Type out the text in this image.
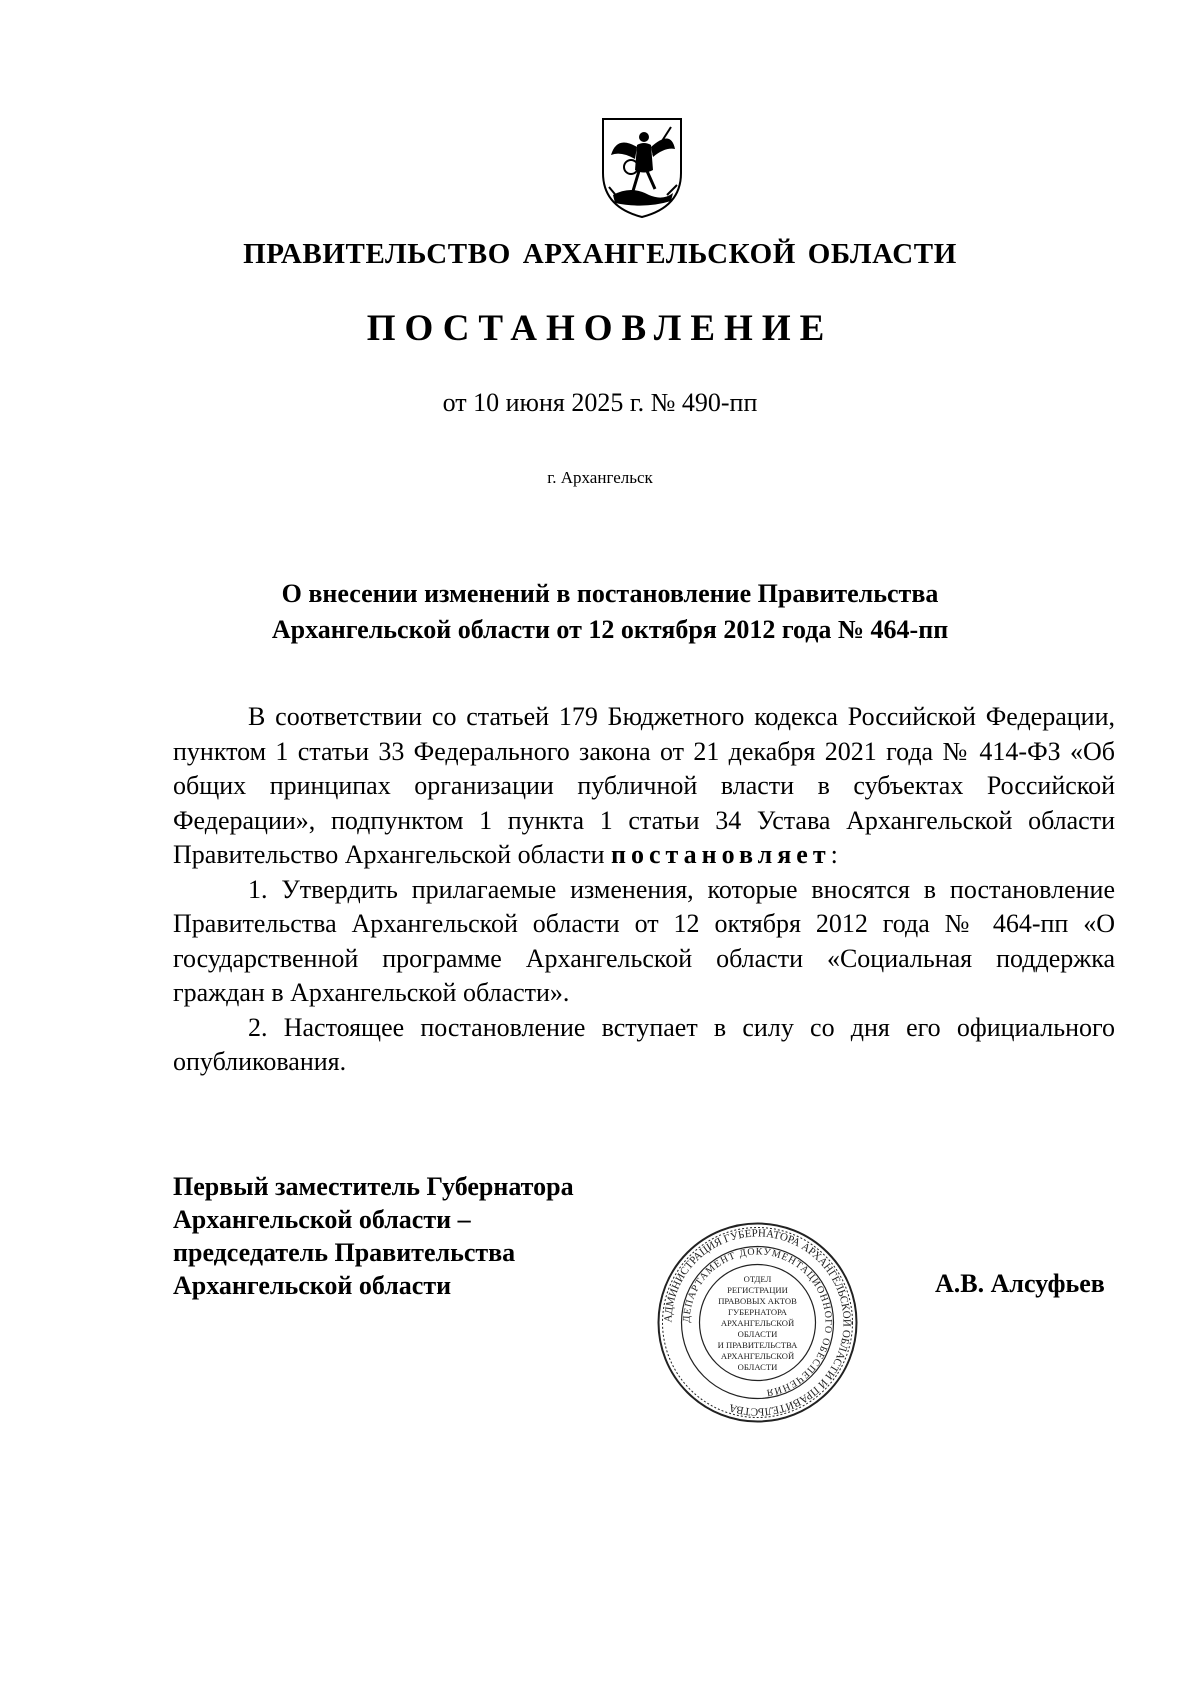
ПРАВИТЕЛЬСТВО АРХАНГЕЛЬСКОЙ ОБЛАСТИ
ПОСТАНОВЛЕНИЕ
от 10 июня 2025 г. № 490-пп
г. Архангельск
О внесении изменений в постановление Правительства
Архангельской области от 12 октября 2012 года № 464-пп

В соответствии со статьей 179 Бюджетного кодекса Российской Федерации, пунктом 1 статьи 33 Федерального закона от 21 декабря 2021 года № 414-ФЗ «Об общих принципах организации публичной власти в субъектах Российской Федерации», подпунктом 1 пункта 1 статьи 34 Устава Архангельской области Правительство Архангельской области постановляет:

1. Утвердить прилагаемые изменения, которые вносятся в постановление Правительства Архангельской области от 12 октября 2012 года № 464-пп «О государственной программе Архангельской области «Социальная поддержка граждан в Архангельской области».

2. Настоящее постановление вступает в силу со дня его официального опубликования.

Первый заместитель Губернатора
Архангельской области –
председатель Правительства
Архангельской области
АДМИНИСТРАЦИЯ ГУБЕРНАТОРА АРХАНГЕЛЬСКОЙ ОБЛАСТИ И ПРАВИТЕЛЬСТВА
ДЕПАРТАМЕНТ ДОКУМЕНТАЦИОННОГО ОБЕСПЕЧЕНИЯ
ОТДЕЛ
РЕГИСТРАЦИИ
ПРАВОВЫХ АКТОВ
ГУБЕРНАТОРА
АРХАНГЕЛЬСКОЙ
ОБЛАСТИ
И ПРАВИТЕЛЬСТВА
АРХАНГЕЛЬСКОЙ
ОБЛАСТИ
А.В. Алсуфьев
